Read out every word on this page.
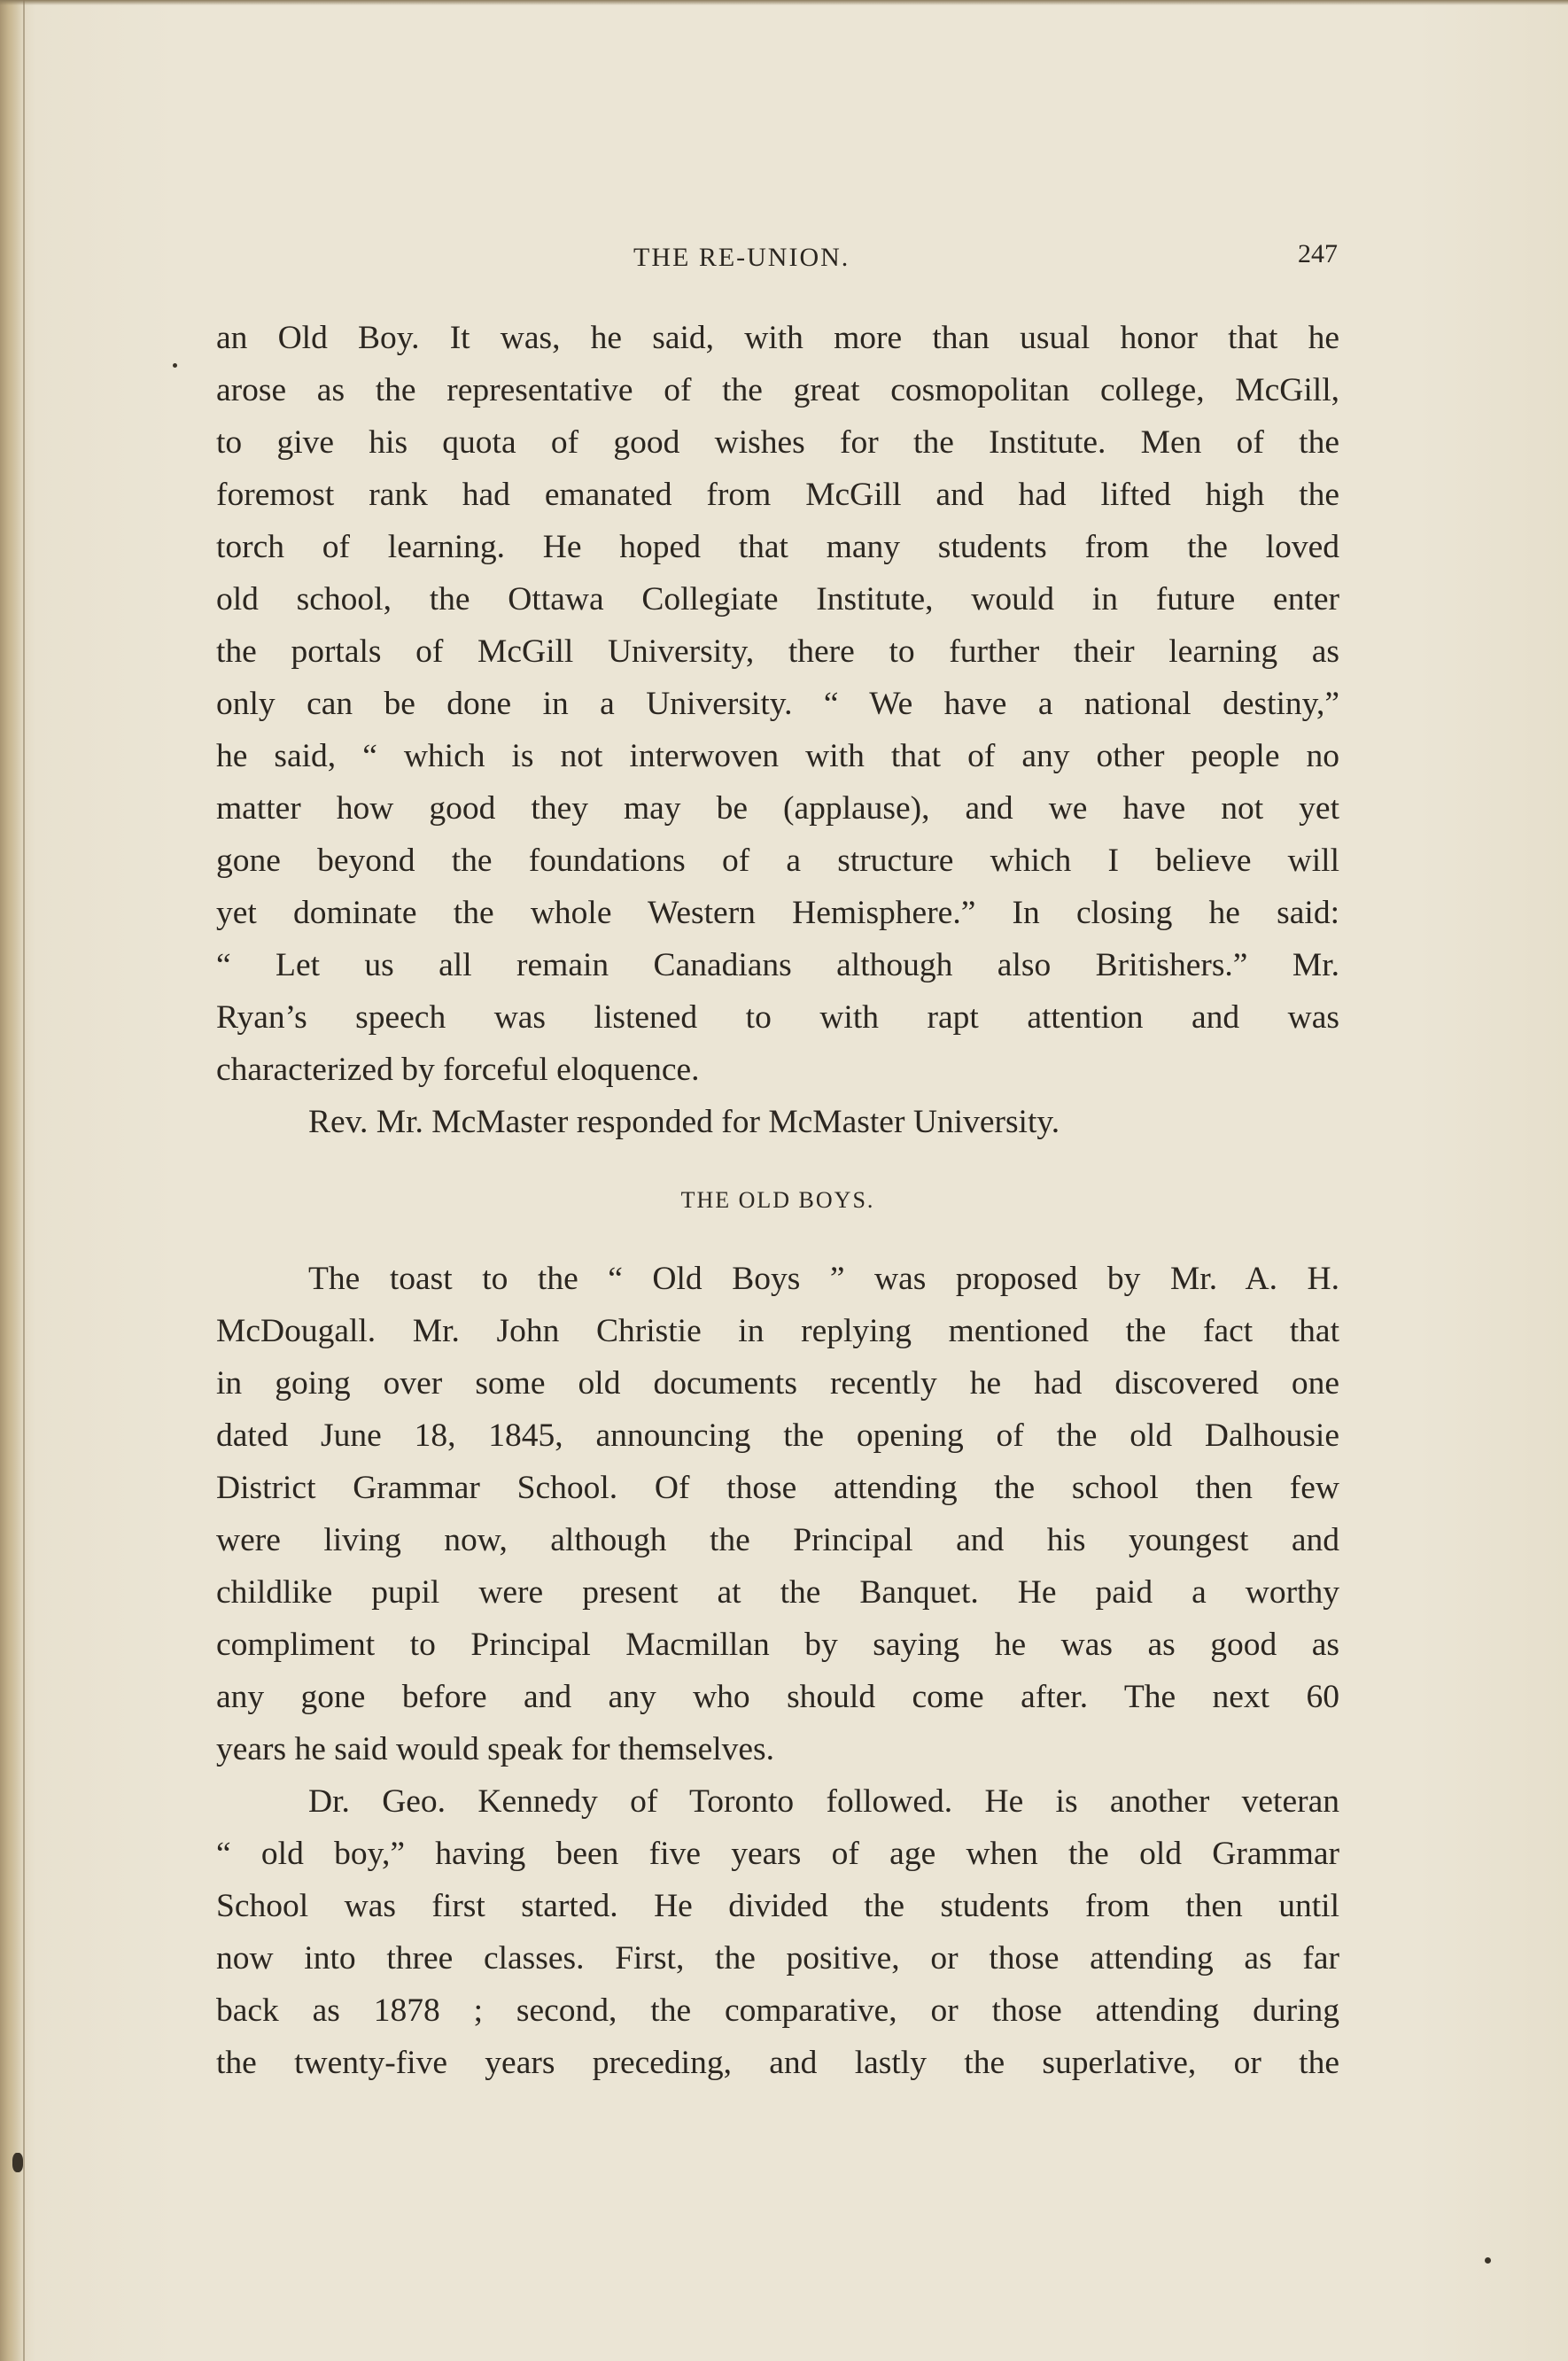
THE RE-UNION.	247
an Old Boy. It was, he said, with more than usual honor that he
arose as the representative of the great cosmopolitan college, McGill,
to give his quota of good wishes for the Institute. Men of the
foremost rank had emanated from McGill and had lifted high the
torch of learning. He hoped that many students from the loved
old school, the Ottawa Collegiate Institute, would in future enter
the portals of McGill University, there to further their learning as
only can be done in a University. “ We have a national destiny,”
he said, “ which is not interwoven with that of any other people no
matter how good they may be (applause), and we have not yet
gone beyond the foundations of a structure which I believe will
yet dominate the whole Western Hemisphere.” In closing he said:
“ Let us all remain Canadians although also Britishers.” Mr.
Ryan’s speech was listened to with rapt attention and was
characterized by forceful eloquence.
Rev. Mr. McMaster responded for McMaster University.
THE OLD BOYS.
The toast to the “ Old Boys ” was proposed by Mr. A. H.
McDougall. Mr. John Christie in replying mentioned the fact that
in going over some old documents recently he had discovered one
dated June 18, 1845, announcing the opening of the old Dalhousie
District Grammar School. Of those attending the school then few
were living now, although the Principal and his youngest and
childlike pupil were present at the Banquet. He paid a worthy
compliment to Principal Macmillan by saying he was as good as
any gone before and any who should come after. The next 60
years he said would speak for themselves.
Dr. Geo. Kennedy of Toronto followed. He is another veteran
“ old boy,” having been five years of age when the old Grammar
School was first started. He divided the students from then until
now into three classes. First, the positive, or those attending as far
back as 1878 ; second, the comparative, or those attending during
the twenty-five years preceding, and lastly the superlative, or the
